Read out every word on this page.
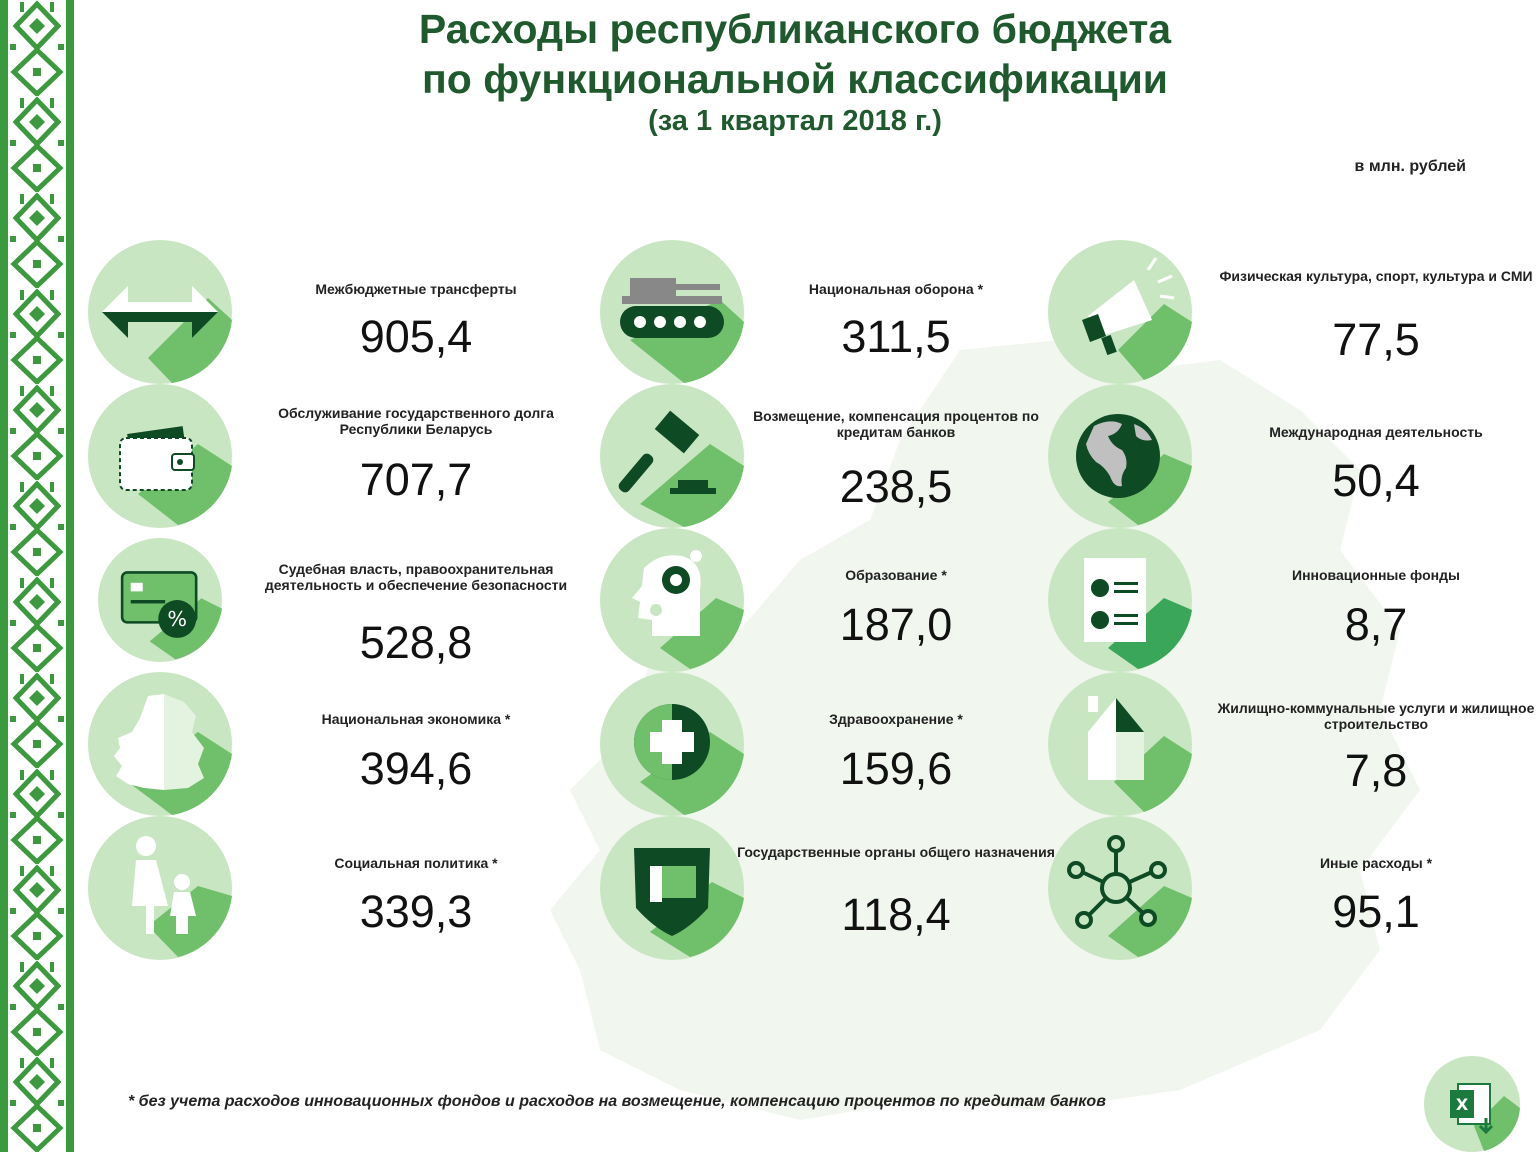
Расходы республиканского бюджета
по функциональной классификации
(за 1 квартал 2018 г.)
в млн. рублей
Межбюджетные трансферты
905,4
Обслуживание государственного долга Республики Беларусь
707,7
%
Судебная власть, правоохранительная деятельность и обеспечение безопасности
528,8
Национальная экономика *
394,6
Социальная политика *
339,3
Национальная оборона *
311,5
Возмещение, компенсация процентов по кредитам банков
238,5
Образование *
187,0
Здравоохранение *
159,6
Государственные органы общего назначения
118,4
Физическая культура, спорт, культура и СМИ
77,5
Международная деятельность
50,4
Инновационные фонды
8,7
Жилищно-коммунальные услуги и жилищное строительство
7,8
Иные расходы *
95,1
* без учета расходов инновационных фондов и расходов на возмещение, компенсацию процентов по кредитам банков	X
